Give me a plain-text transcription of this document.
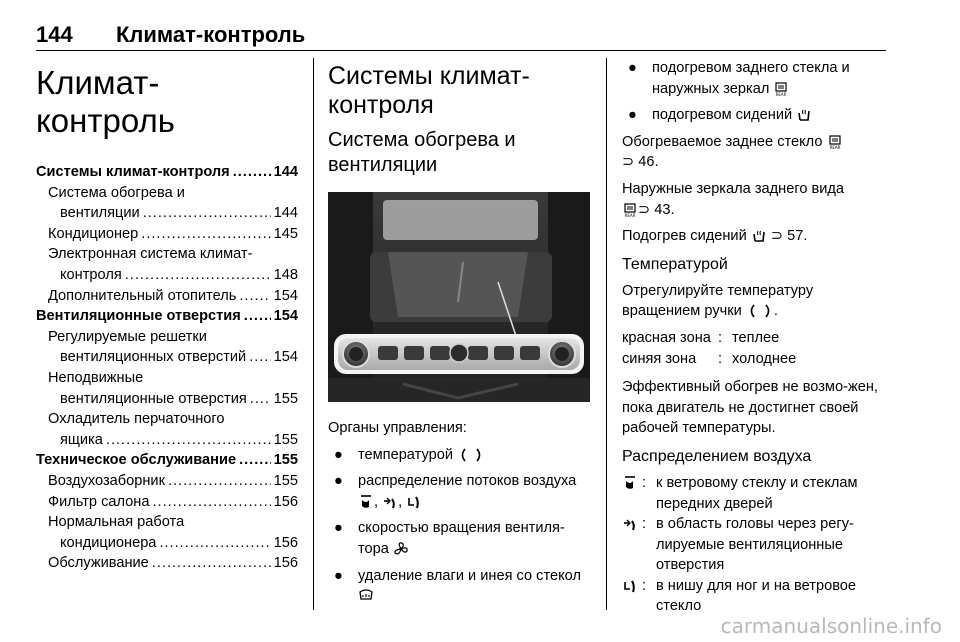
144 Климат-контроль
Климат-контроль
Системы климат-контроля .....	144
Система обогрева и
вентиляции .....	144
Кондиционер .....	145
Электронная система климат-
контроля .....	148
Дополнительный отопитель .....	154
Вентиляционные отверстия ..... 154
Регулируемые решетки
вентиляционных отверстий ..... 154
Неподвижные
вентиляционные отверстия ..... 155
Охладитель перчаточного
ящика .....	155
Техническое обслуживание .....	155
Воздухозаборник .....	155
Фильтр салона .....	156
Нормальная работа
кондиционера .....	156
Обслуживание .....	156
Системы климат-контроля
Система обогрева и вентиляции
Органы управления:
●	температурой
●	распределение потоков воздуха , ,
●	скоростью вращения вентиля-тора
●	удаление влаги и инея со стекол
●	подогревом заднего стекла и наружных зеркал REAR
●	подогревом сидений
Обогреваемое заднее стекло REAR

⊃ 46.
Наружные зеркала заднего вида

REAR ⊃ 43.
Подогрев сидений ⊃ 57.
Температурой
Отрегулируйте температуру вращением ручки .
красная зона : теплее
синяя зона	: холоднее
Эффективный обогрев не возмо-жен, пока двигатель не достигнет своей рабочей температуры.
Распределением воздуха
: к ветровому стеклу и стеклам передних дверей
: в область головы через регу-лируемые вентиляционные отверстия
: в нишу для ног и на ветровое стекло
carmanualsonline.info
